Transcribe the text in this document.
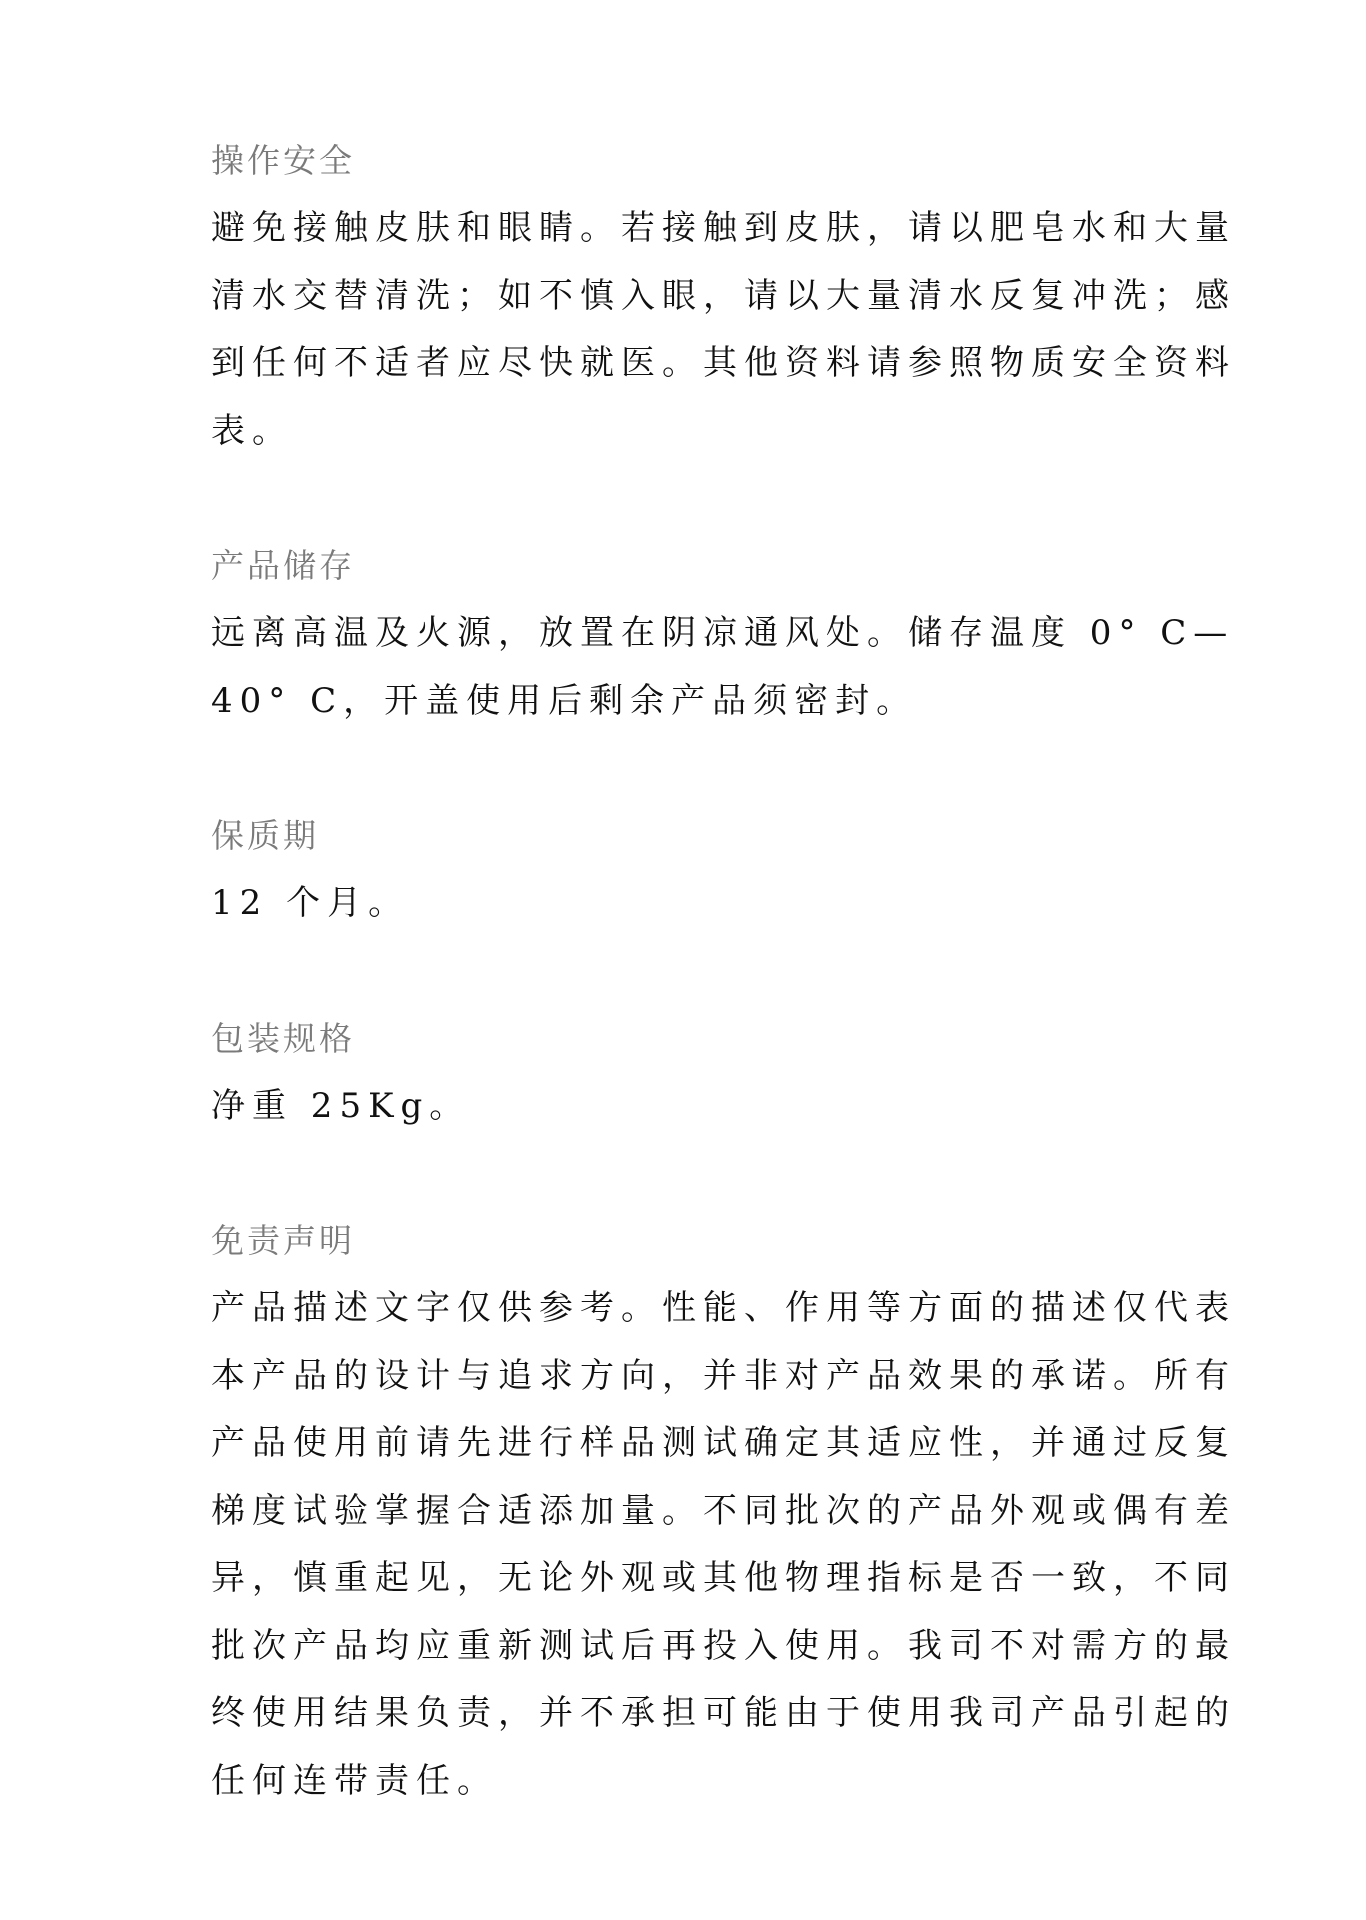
操作安全
避免接触皮肤和眼睛。若接触到皮肤，请以肥皂水和大量
清水交替清洗；如不慎入眼，请以大量清水反复冲洗；感
到任何不适者应尽快就医。其他资料请参照物质安全资料
表。
产品储存
远离高温及火源，放置在阴凉通风处。储存温度 0° C—
40° C，开盖使用后剩余产品须密封。
保质期
12 个月。
包装规格
净重 25Kg。
免责声明
产品描述文字仅供参考。性能、作用等方面的描述仅代表
本产品的设计与追求方向，并非对产品效果的承诺。所有
产品使用前请先进行样品测试确定其适应性，并通过反复
梯度试验掌握合适添加量。不同批次的产品外观或偶有差
异，慎重起见，无论外观或其他物理指标是否一致，不同
批次产品均应重新测试后再投入使用。我司不对需方的最
终使用结果负责，并不承担可能由于使用我司产品引起的
任何连带责任。
